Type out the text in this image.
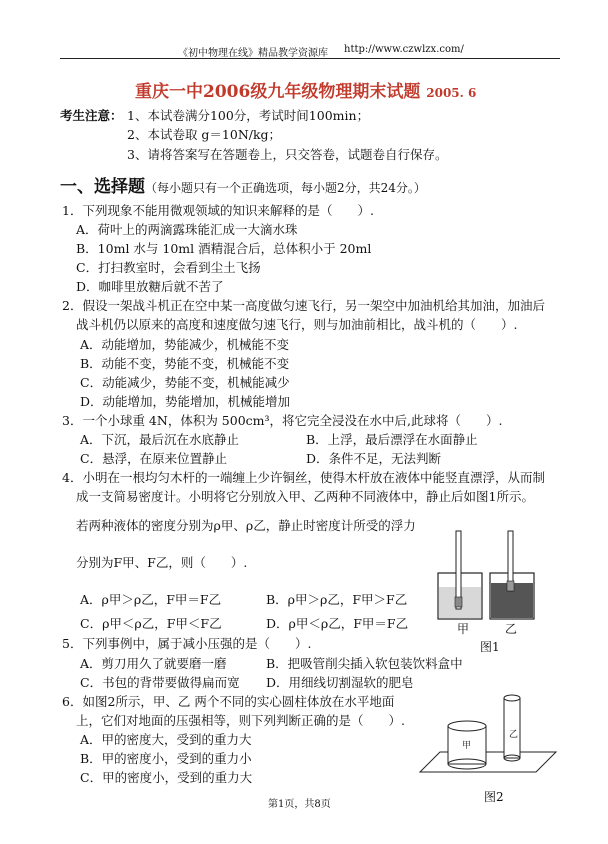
《初中物理在线》精品教学资源库 http://www.czwlzx.com/
重庆一中2006级九年级物理期末试题 2005. 6
考生注意： 1、本试卷满分100分，考试时间100min；
2、本试卷取 g＝10N/kg；
3、请将答案写在答题卷上，只交答卷，试题卷自行保存。
一、选择题（每小题只有一个正确选项，每小题2分，共24分。）
1．下列现象不能用微观领域的知识来解释的是（　　）.
A．荷叶上的两滴露珠能汇成一大滴水珠
B．10ml 水与 10ml 酒精混合后，总体积小于 20ml
C．打扫教室时，会看到尘土飞扬
D．咖啡里放糖后就不苦了
2．假设一架战斗机正在空中某一高度做匀速飞行，另一架空中加油机给其加油，加油后
战斗机仍以原来的高度和速度做匀速飞行，则与加油前相比，战斗机的（　　）.
A．动能增加，势能减少，机械能不变
B．动能不变，势能不变，机械能不变
C．动能减少，势能不变，机械能减少
D．动能增加，势能增加，机械能增加
3．一个小球重 4N，体积为 500cm³，将它完全浸没在水中后,此球将（　　）.
A．下沉，最后沉在水底静止	B．上浮，最后漂浮在水面静止
C．悬浮，在原来位置静止	D．条件不足，无法判断
4．小明在一根均匀木杆的一端缠上少许铜丝，使得木杆放在液体中能竖直漂浮，从而制
成一支简易密度计。小明将它分别放入甲、乙两种不同液体中，静止后如图1所示。
若两种液体的密度分别为ρ甲、ρ乙，静止时密度计所受的浮力
分别为F甲、F乙，则（　　）.
A．ρ甲＞ρ乙，F甲＝F乙	B．ρ甲＞ρ乙，F甲＞F乙
C．ρ甲＜ρ乙，F甲＜F乙	D．ρ甲＜ρ乙，F甲＝F乙	甲	乙
图1
5．下列事例中，属于减小压强的是（　　）.
A．剪刀用久了就要磨一磨	B．把吸管削尖插入软包装饮料盒中
C．书包的背带要做得扁而宽 D．用细线切割湿软的肥皂
6．如图2所示，甲、乙 两个不同的实心圆柱体放在水平地面
上，它们对地面的压强相等，则下列判断正确的是（　　）.
A．甲的密度大，受到的重力大
B．甲的密度小，受到的重力小
C．甲的密度小，受到的重力大
甲
乙
图2
第1页，共8页
